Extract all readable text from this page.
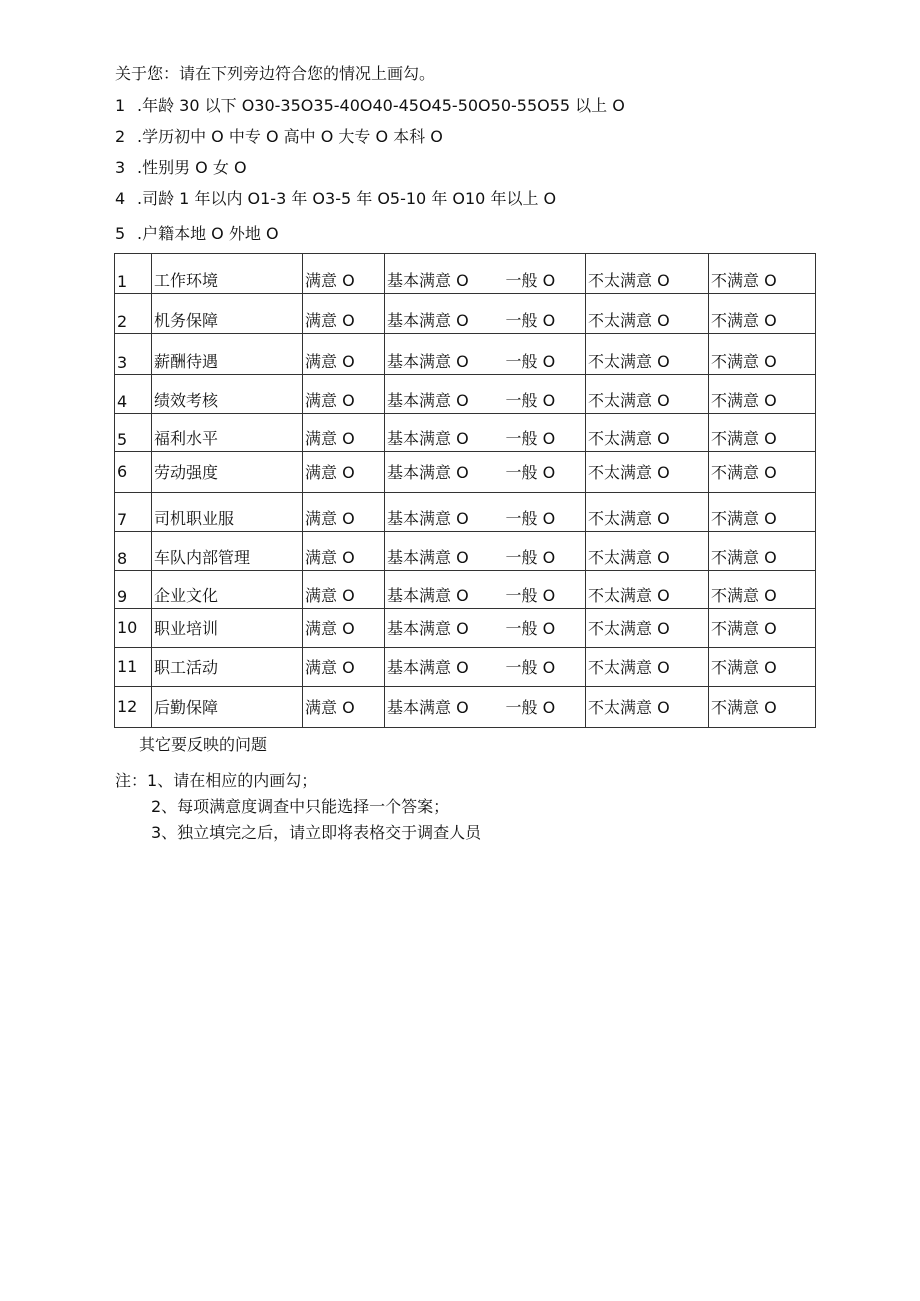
关于您：请在下列旁边符合您的情况上画勾。
1 .年龄 30 以下 O30-35O35-40O40-45O45-50O50-55O55 以上 O
2 .学历初中 O 中专 O 高中 O 大专 O 本科 O
3 .性别男 O 女 O
4 .司龄 1 年以内 O1-3 年 O3-5 年 O5-10 年 O10 年以上 O
5 .户籍本地 O 外地 O
1	工作环境	满意 O	基本满意 O	一般 O	不太满意 O	不满意 O
2	机务保障	满意 O	基本满意 O	一般 O	不太满意 O	不满意 O
3	薪酬待遇	满意 O	基本满意 O	一般 O	不太满意 O	不满意 O
4	绩效考核	满意 O	基本满意 O	一般 O	不太满意 O	不满意 O
5	福利水平	满意 O	基本满意 O	一般 O	不太满意 O	不满意 O
6	劳动强度	满意 O	基本满意 O	一般 O	不太满意 O	不满意 O
7	司机职业服	满意 O	基本满意 O	一般 O	不太满意 O	不满意 O
8	车队内部管理	满意 O	基本满意 O	一般 O	不太满意 O	不满意 O
9	企业文化	满意 O	基本满意 O	一般 O	不太满意 O	不满意 O
10	职业培训	满意 O	基本满意 O	一般 O	不太满意 O	不满意 O
11	职工活动	满意 O	基本满意 O	一般 O	不太满意 O	不满意 O
12	后勤保障	满意 O	基本满意 O	一般 O	不太满意 O	不满意 O
其它要反映的问题
注：1、请在相应的内画勾；
2、每项满意度调查中只能选择一个答案；
3、独立填完之后，请立即将表格交于调查人员
